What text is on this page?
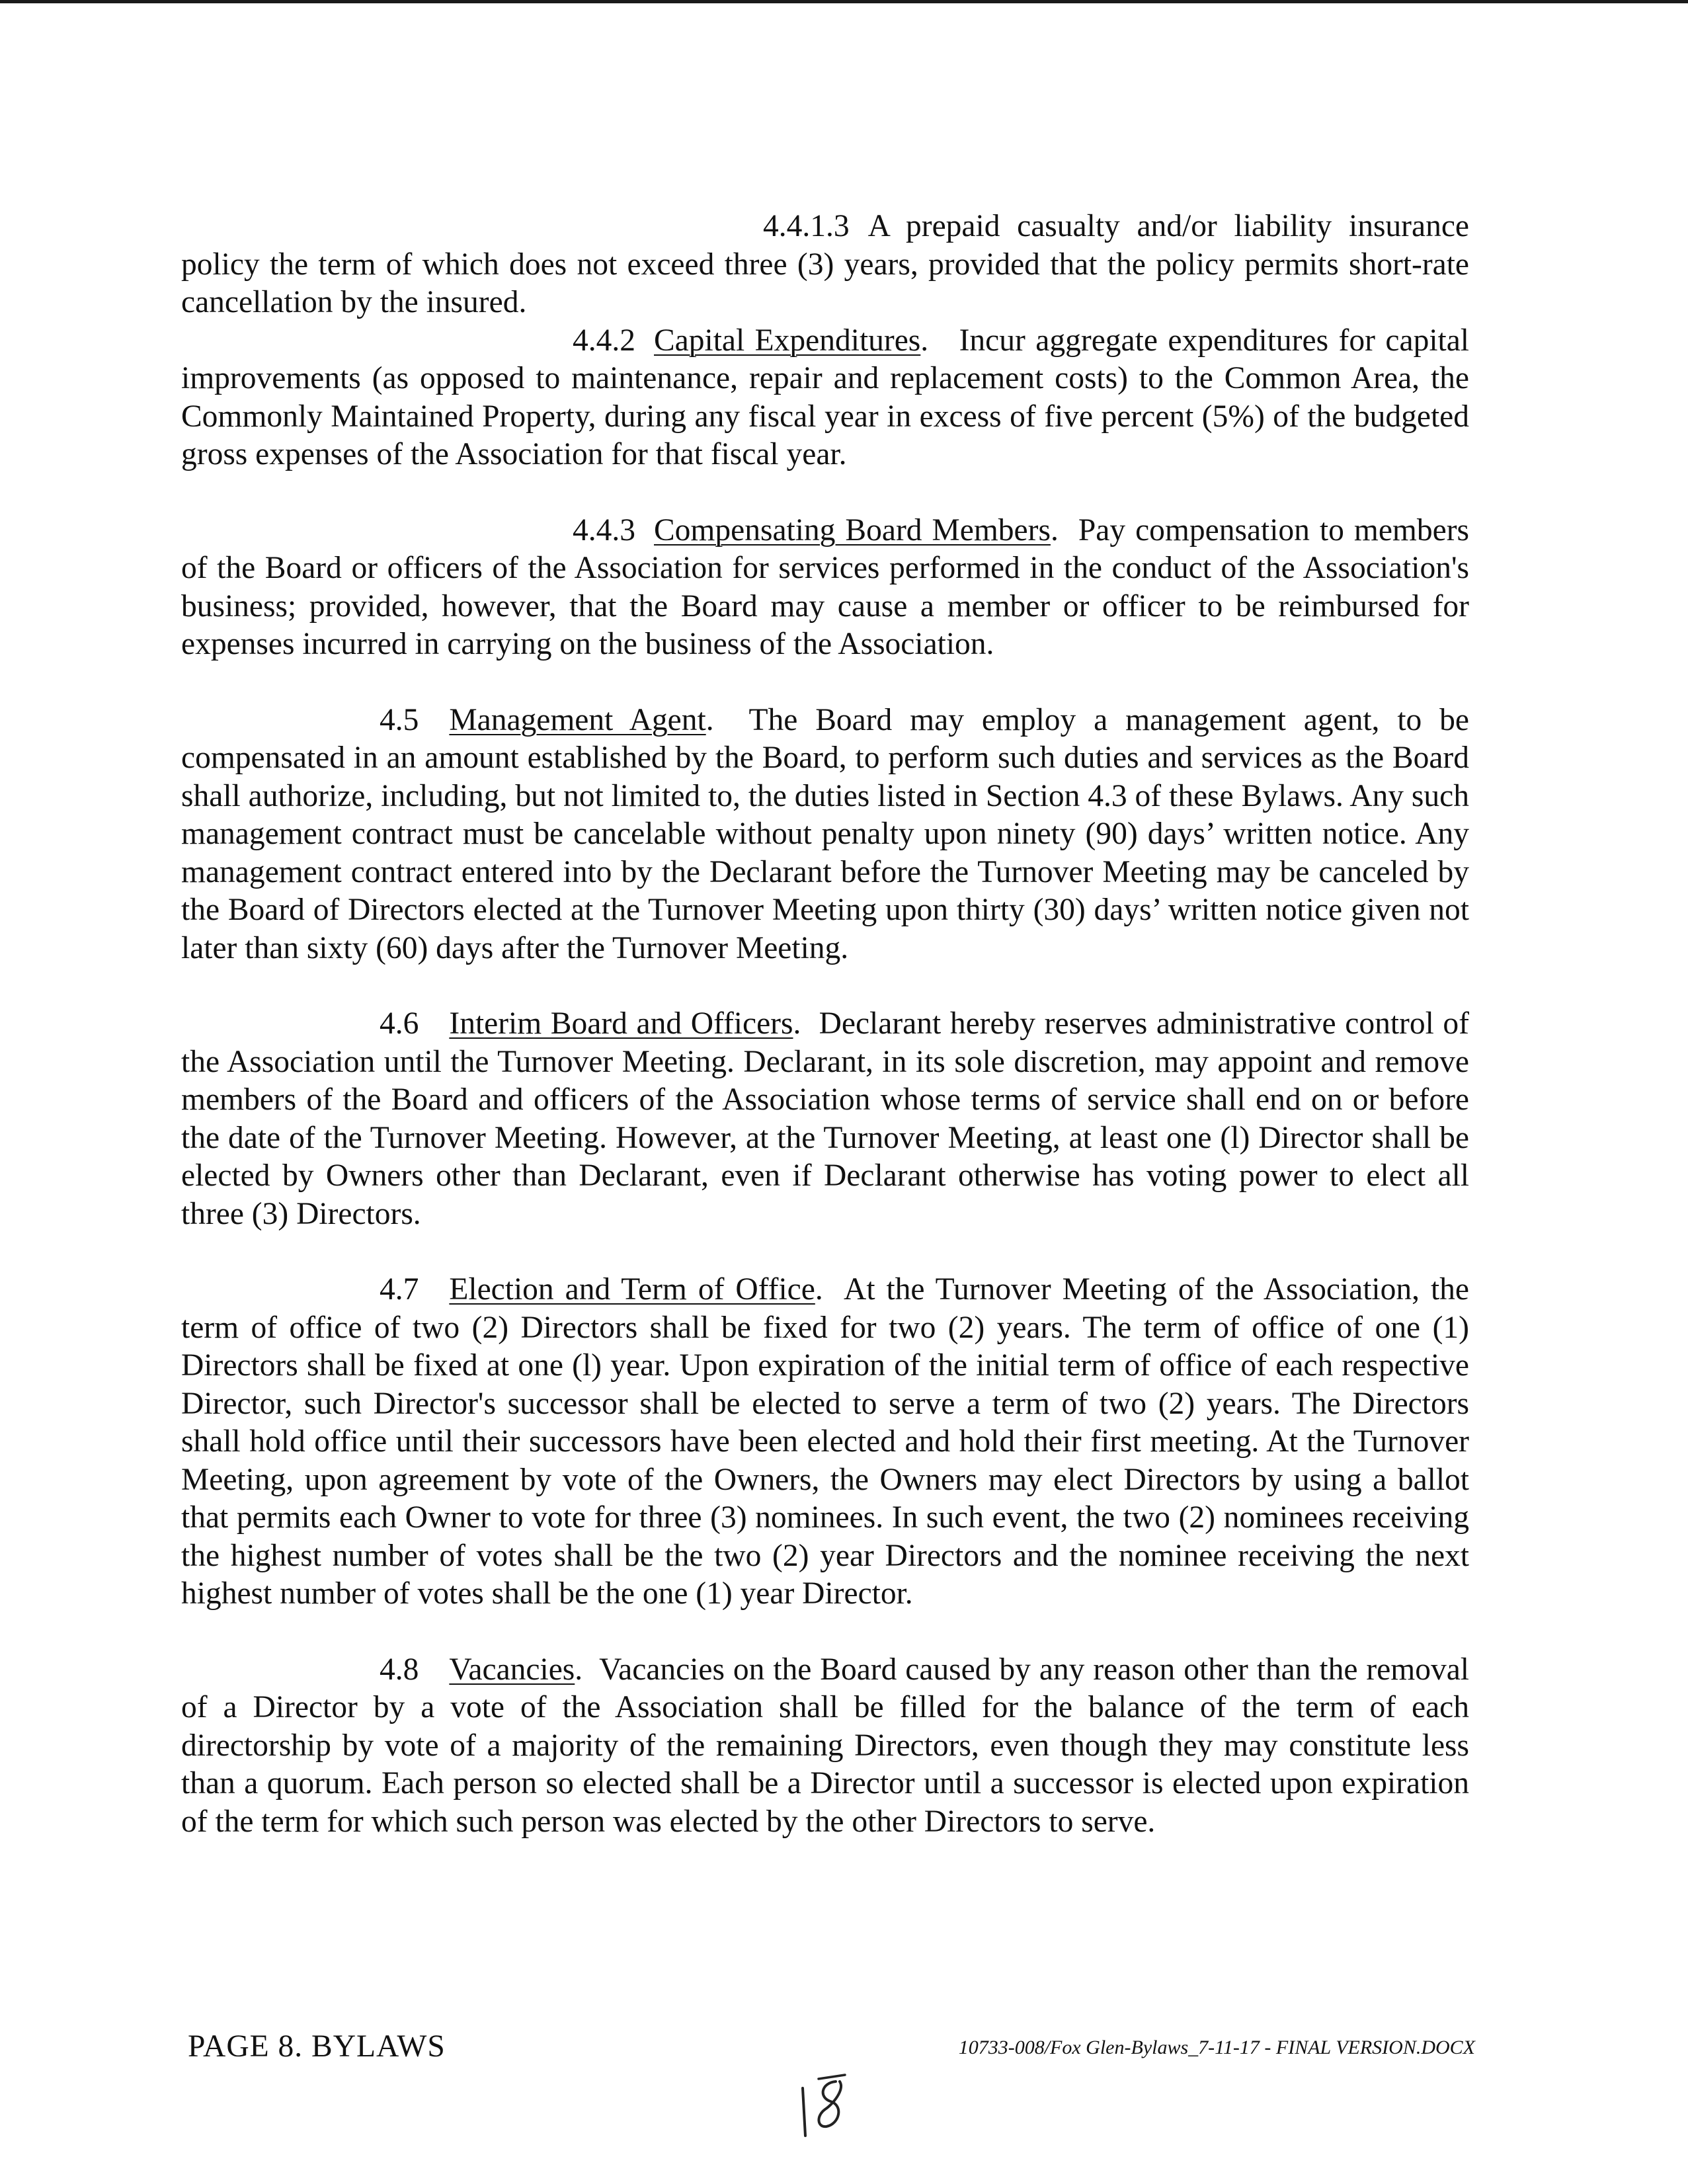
4.4.1.3 A prepaid casualty and/or liability insurance policy the term of which does not exceed three (3) years, provided that the policy permits short-rate cancellation by the insured.

4.4.2 Capital Expenditures.   Incur aggregate expenditures for capital improvements (as opposed to maintenance, repair and replacement costs) to the Common Area, the Commonly Maintained Property, during any fiscal year in excess of five percent (5%) of the budgeted gross expenses of the Association for that fiscal year.

4.4.3 Compensating Board Members.  Pay compensation to members of the Board or officers of the Association for services performed in the conduct of the Association's business; provided, however, that the Board may cause a member or officer to be reimbursed for expenses incurred in carrying on the business of the Association.

4.5 Management Agent.  The Board may employ a management agent, to be compensated in an amount established by the Board, to perform such duties and services as the Board shall authorize, including, but not limited to, the duties listed in Section 4.3 of these Bylaws. Any such management contract must be cancelable without penalty upon ninety (90) days’ written notice. Any management contract entered into by the Declarant before the Turnover Meeting may be canceled by the Board of Directors elected at the Turnover Meeting upon thirty (30) days’ written notice given not later than sixty (60) days after the Turnover Meeting.

4.6 Interim Board and Officers.  Declarant hereby reserves administrative control of the Association until the Turnover Meeting. Declarant, in its sole discretion, may appoint and remove members of the Board and officers of the Association whose terms of service shall end on or before the date of the Turnover Meeting. However, at the Turnover Meeting, at least one (l) Director shall be elected by Owners other than Declarant, even if Declarant otherwise has voting power to elect all three (3) Directors.

4.7 Election and Term of Office.  At the Turnover Meeting of the Association, the term of office of two (2) Directors shall be fixed for two (2) years. The term of office of one (1) Directors shall be fixed at one (l) year. Upon expiration of the initial term of office of each respective Director, such Director's successor shall be elected to serve a term of two (2) years. The Directors shall hold office until their successors have been elected and hold their first meeting. At the Turnover Meeting, upon agreement by vote of the Owners, the Owners may elect Directors by using a ballot that permits each Owner to vote for three (3) nominees. In such event, the two (2) nominees receiving the highest number of votes shall be the two (2) year Directors and the nominee receiving the next highest number of votes shall be the one (1) year Director.

4.8 Vacancies.  Vacancies on the Board caused by any reason other than the removal of a Director by a vote of the Association shall be filled for the balance of the term of each directorship by vote of a majority of the remaining Directors, even though they may constitute less than a quorum. Each person so elected shall be a Director until a successor is elected upon expiration of the term for which such person was elected by the other Directors to serve.

PAGE 8. BYLAWS	10733-008/Fox Glen-Bylaws_7-11-17 - FINAL VERSION.DOCX
